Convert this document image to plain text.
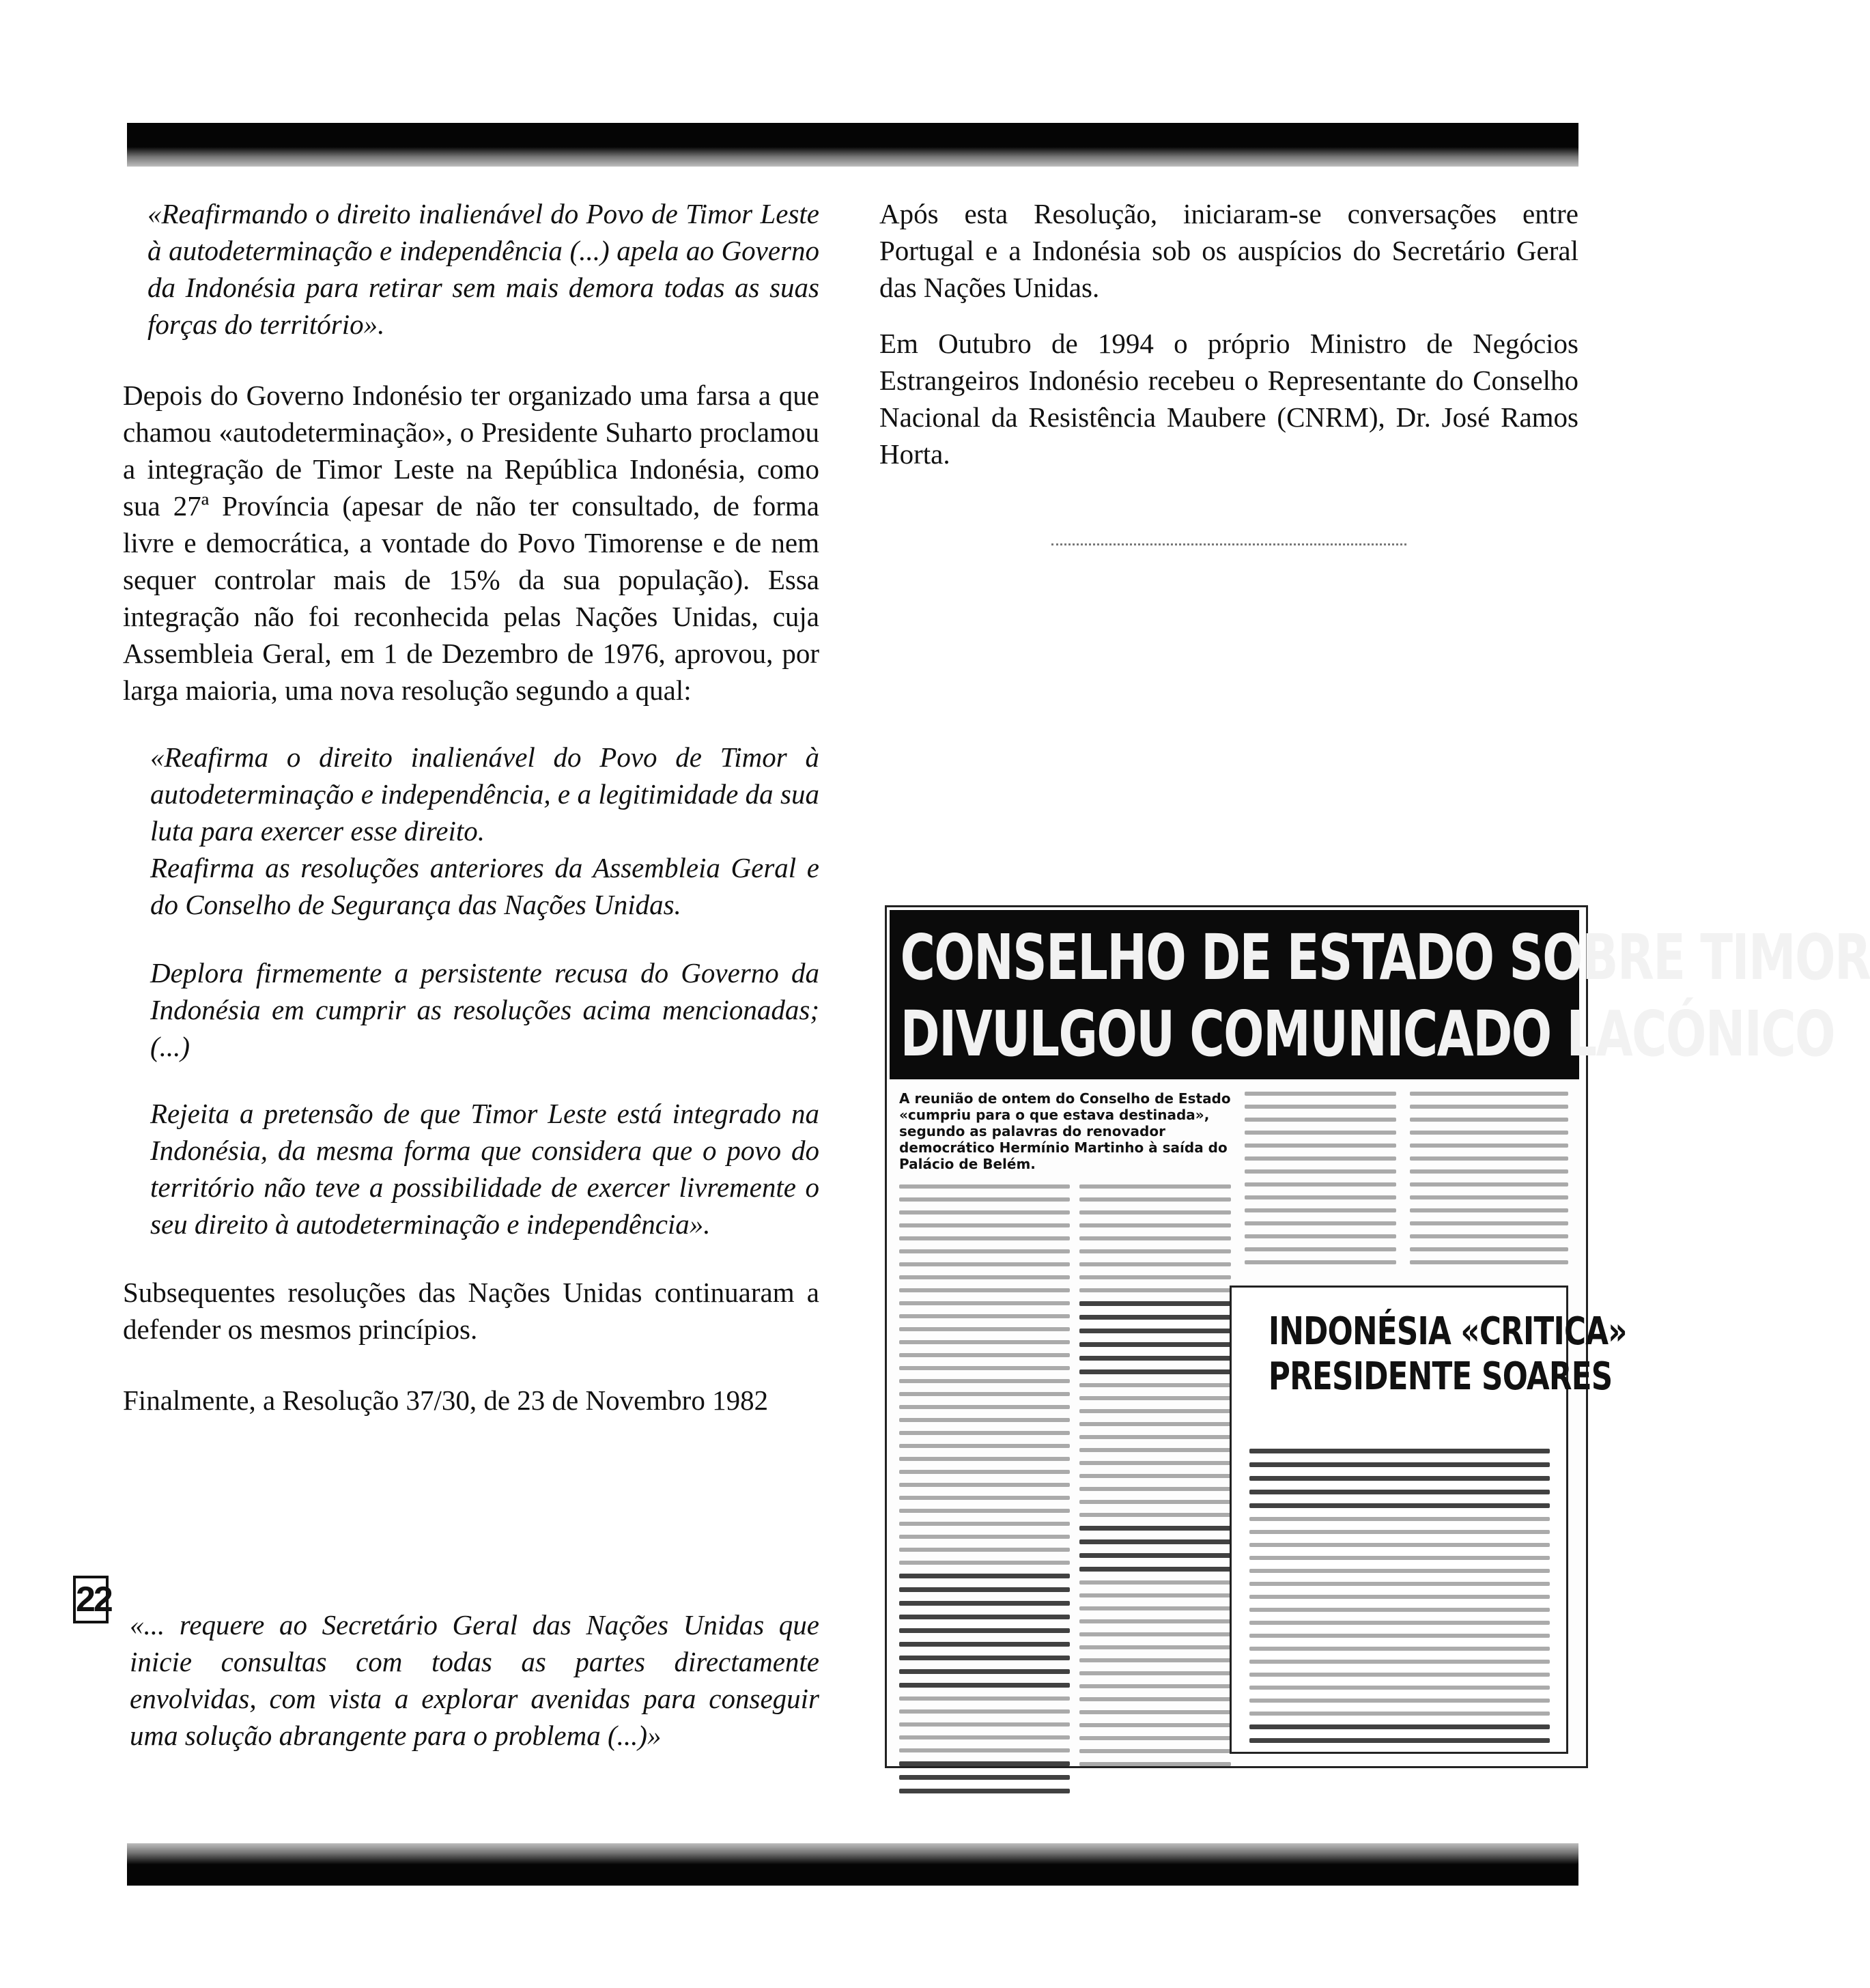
«Reafirmando o direito inalienável do Povo de Timor Leste à autodeterminação e independência (...) apela ao Governo da Indonésia para retirar sem mais demora todas as suas forças do território».

Depois do Governo Indonésio ter organizado uma farsa a que chamou «autodeterminação», o Presidente Suharto proclamou a integração de Timor Leste na República Indonésia, como sua 27ª Província (apesar de não ter consultado, de forma livre e democrática, a vontade do Povo Timorense e de nem sequer controlar mais de 15% da sua população). Essa integração não foi reconhecida pelas Nações Unidas, cuja Assembleia Geral, em 1 de Dezembro de 1976, aprovou, por larga maioria, uma nova resolução segundo a qual:

«Reafirma o direito inalienável do Povo de Timor à autodeterminação e independência, e a legitimidade da sua luta para exercer esse direito.
Reafirma as resoluções anteriores da Assembleia Geral e do Conselho de Segurança das Nações Unidas.
Deplora firmemente a persistente recusa do Governo da Indonésia em cumprir as resoluções acima mencionadas; (...)
Rejeita a pretensão de que Timor Leste está integrado na Indonésia, da mesma forma que considera que o povo do território não teve a possibilidade de exercer livremente o seu direito à autodeterminação e independência».

Subsequentes resoluções das Nações Unidas continuaram a defender os mesmos princípios.

Finalmente, a Resolução 37/30, de 23 de Novembro 1982

22

«... requere ao Secretário Geral das Nações Unidas que inicie consultas com todas as partes directamente envolvidas, com vista a explorar avenidas para conseguir uma solução abrangente para o problema (...)»

Após esta Resolução, iniciaram-se conversações entre Portugal e a Indonésia sob os auspícios do Secretário Geral das Nações Unidas.

Em Outubro de 1994 o próprio Ministro de Negócios Estrangeiros Indonésio recebeu o Representante do Conselho Nacional da Resistência Maubere (CNRM), Dr. José Ramos Horta.

CONSELHO DE ESTADO SOBRE TIMOR
DIVULGOU COMUNICADO LACÓNICO
A reunião de ontem do Conselho de Estado «cumpriu para o que estava destinada», segundo as palavras do renovador democrático Hermínio Martinho à saída do Palácio de Belém.
INDONÉSIA «CRITICA»
PRESIDENTE SOARES
